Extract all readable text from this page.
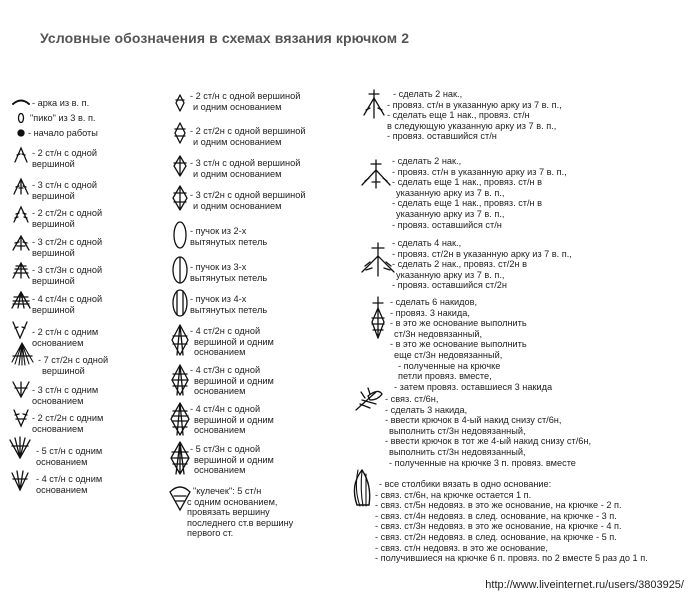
Условные обозначения в схемах вязания крючком 2
- арка из в. п.
"пико" из 3 в. п.
- начало работы
- 2 ст/н с одной
вершиной
- 3 ст/н с одной
вершиной
- 2 ст/2н с одной
вершиной
- 3 ст/2н с одной
вершиной
- 3 ст/3н с одной
вершиной
- 4 ст/4н с одной
вершиной
- 2 ст/н с одним
основанием
- 7 ст/2н с одной
вершиной
- 3 ст/н с одним
основанием
- 2 ст/2н с одним
основанием
- 5 ст/н с одним
основанием
- 4 ст/н с одним
основанием
- 2 ст/н с одной вершиной
и одним основанием
- 2 ст/2н с одной вершиной
и одним основанием
- 3 ст/н с одной вершиной
и одним основанием
- 3 ст/2н с одной вершиной
и одним основанием
- пучок из 2-х
вытянутых петель
- пучок из 3-х
вытянутых петель
- пучок из 4-х
вытянутых петель
- 4 ст/2н с одной
вершиной и одним
основанием
- 4 ст/3н с одной
вершиной и одним
основанием
- 4 ст/4н с одной
вершиной и одним
основанием
- 5 ст/3н с одной
вершиной и одним
основанием
"кулечек": 5 ст/н
с одним основанием,
провязать вершину
последнего ст.в вершину
первого ст.
- сделать 2 нак.,
- провяз. ст/н в указанную арку из 7 в. п.,
- сделать еще 1 нак., провяз. ст/н
в следующую указанную арку из 7 в. п.,
- провяз. оставшийся ст/н
- сделать 2 нак.,
- провяз. ст/н в указанную арку из 7 в. п.,
- сделать еще 1 нак., провяз. ст/н в
указанную арку из 7 в. п.,
- сделать еще 1 нак., провяз. ст/н в
указанную арку из 7 в. п.,
- провяз. оставшийся ст/н
- сделать 4 нак.,
- провяз. ст/2н в указанную арку из 7 в. п.,
- сделать 2 нак., провяз. ст/2н в
указанную арку из 7 в. п.,
- провяз. оставшийся ст/2н
- сделать 6 накидов,
- провяз. 3 накида,
- в это же основание выполнить
ст/3н недовязанный,
- в это же основание выполнить
еще ст/3н недовязанный,
- полученные на крючке
петли провяз. вместе,
- затем провяз. оставшиеся 3 накида
- связ. ст/6н,
- сделать 3 накида,
- ввести крючок в 4-ый накид снизу ст/6н,
выполнить ст/3н недовязанный,
- ввести крючок в тот же 4-ый накид снизу ст/6н,
выполнить ст/3н недовязанный,
- полученные на крючке 3 п. провяз. вместе
- все столбики вязать в одно основание:
- связ. ст/6н, на крючке остается 1 п.
- связ. ст/5н недовяз. в это же основание, на крючке - 2 п.
- связ. ст/4н недовяз. в след. основание, на крючке - 3 п.
- связ. ст/3н недовяз. в это же основание, на крючке - 4 п.
- связ. ст/2н недовяз. в след. основание, на крючке - 5 п.
- связ. ст/н недовяз. в это же основание,
- получившиеся на крючке 6 п. провяз. по 2 вместе 5 раз до 1 п.
http://www.liveinternet.ru/users/3803925/
